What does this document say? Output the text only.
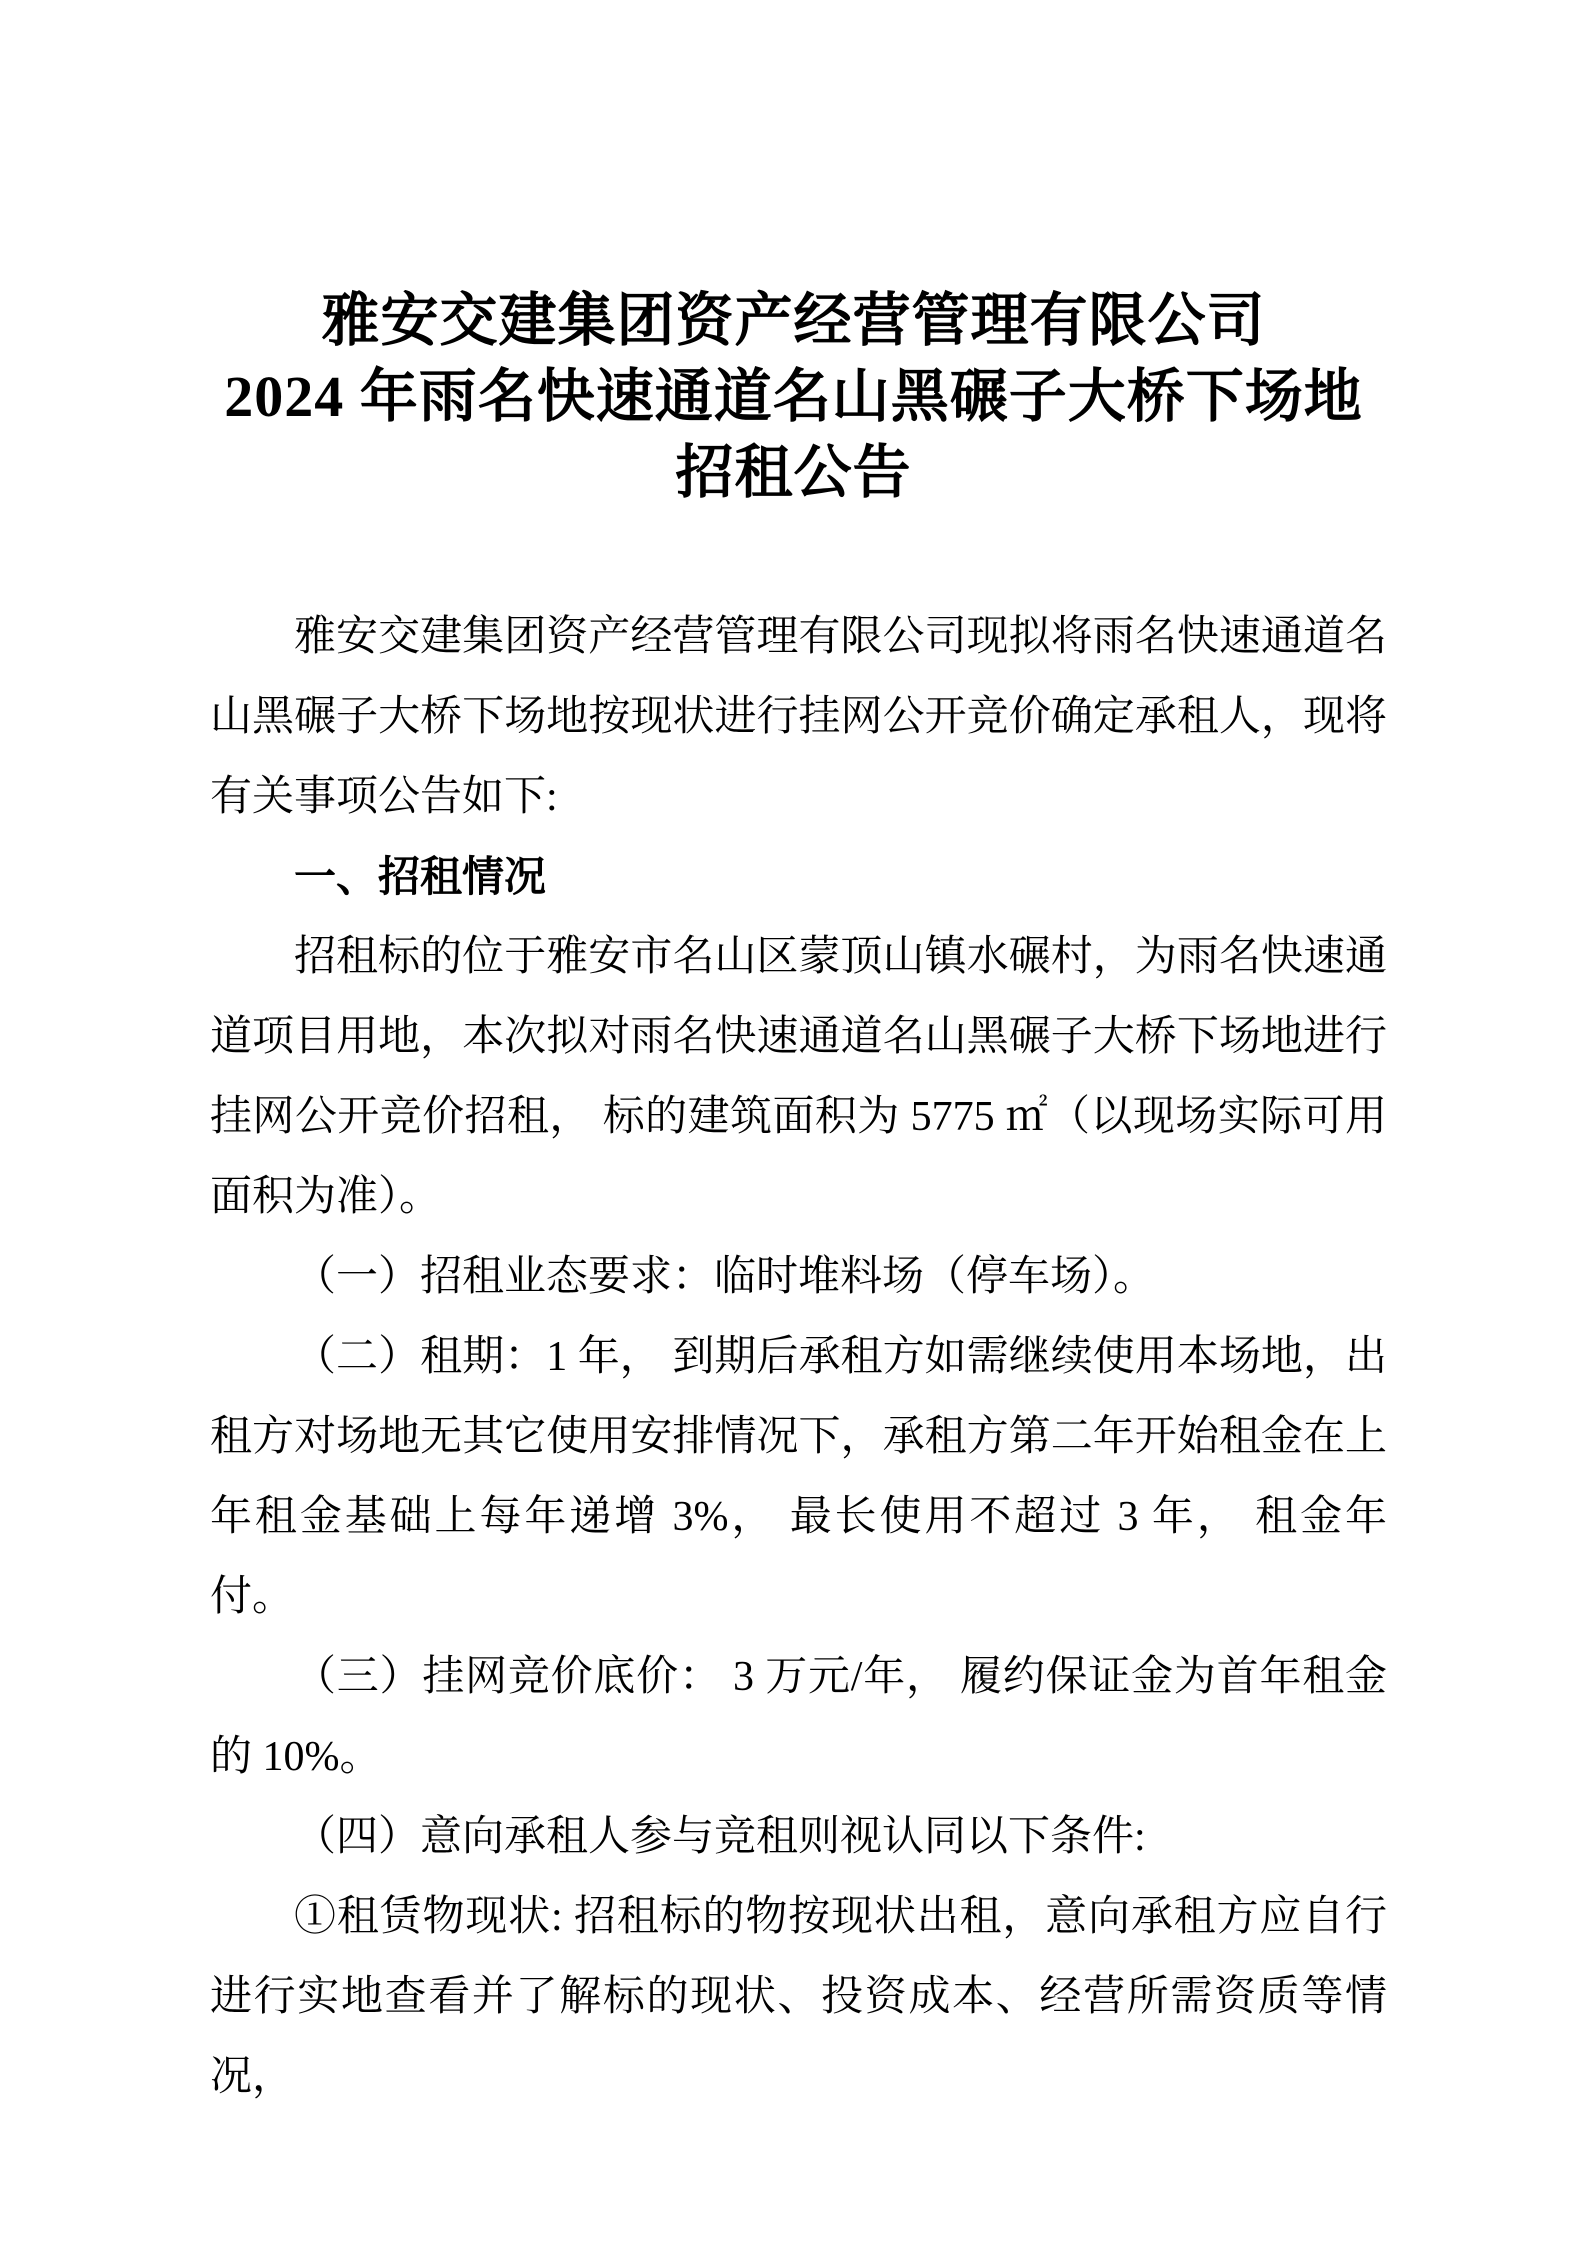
雅安交建集团资产经营管理有限公司
2024 年雨名快速通道名山黑碾子大桥下场地
招租公告

雅安交建集团资产经营管理有限公司现拟将雨名快速通道名山黑碾子大桥下场地按现状进行挂网公开竞价确定承租人，现将有关事项公告如下:

一、招租情况

招租标的位于雅安市名山区蒙顶山镇水碾村，为雨名快速通道项目用地，本次拟对雨名快速通道名山黑碾子大桥下场地进行挂网公开竞价招租， 标的建筑面积为 5775 ㎡（以现场实际可用面积为准）。

（一）招租业态要求：临时堆料场（停车场）。

（二）租期：1 年， 到期后承租方如需继续使用本场地，出租方对场地无其它使用安排情况下，承租方第二年开始租金在上年租金基础上每年递增 3%， 最长使用不超过 3 年， 租金年付。

（三）挂网竞价底价： 3 万元/年， 履约保证金为首年租金的 10%。

（四）意向承租人参与竞租则视认同以下条件:

①租赁物现状: 招租标的物按现状出租，意向承租方应自行进行实地查看并了解标的现状、投资成本、经营所需资质等情况，
